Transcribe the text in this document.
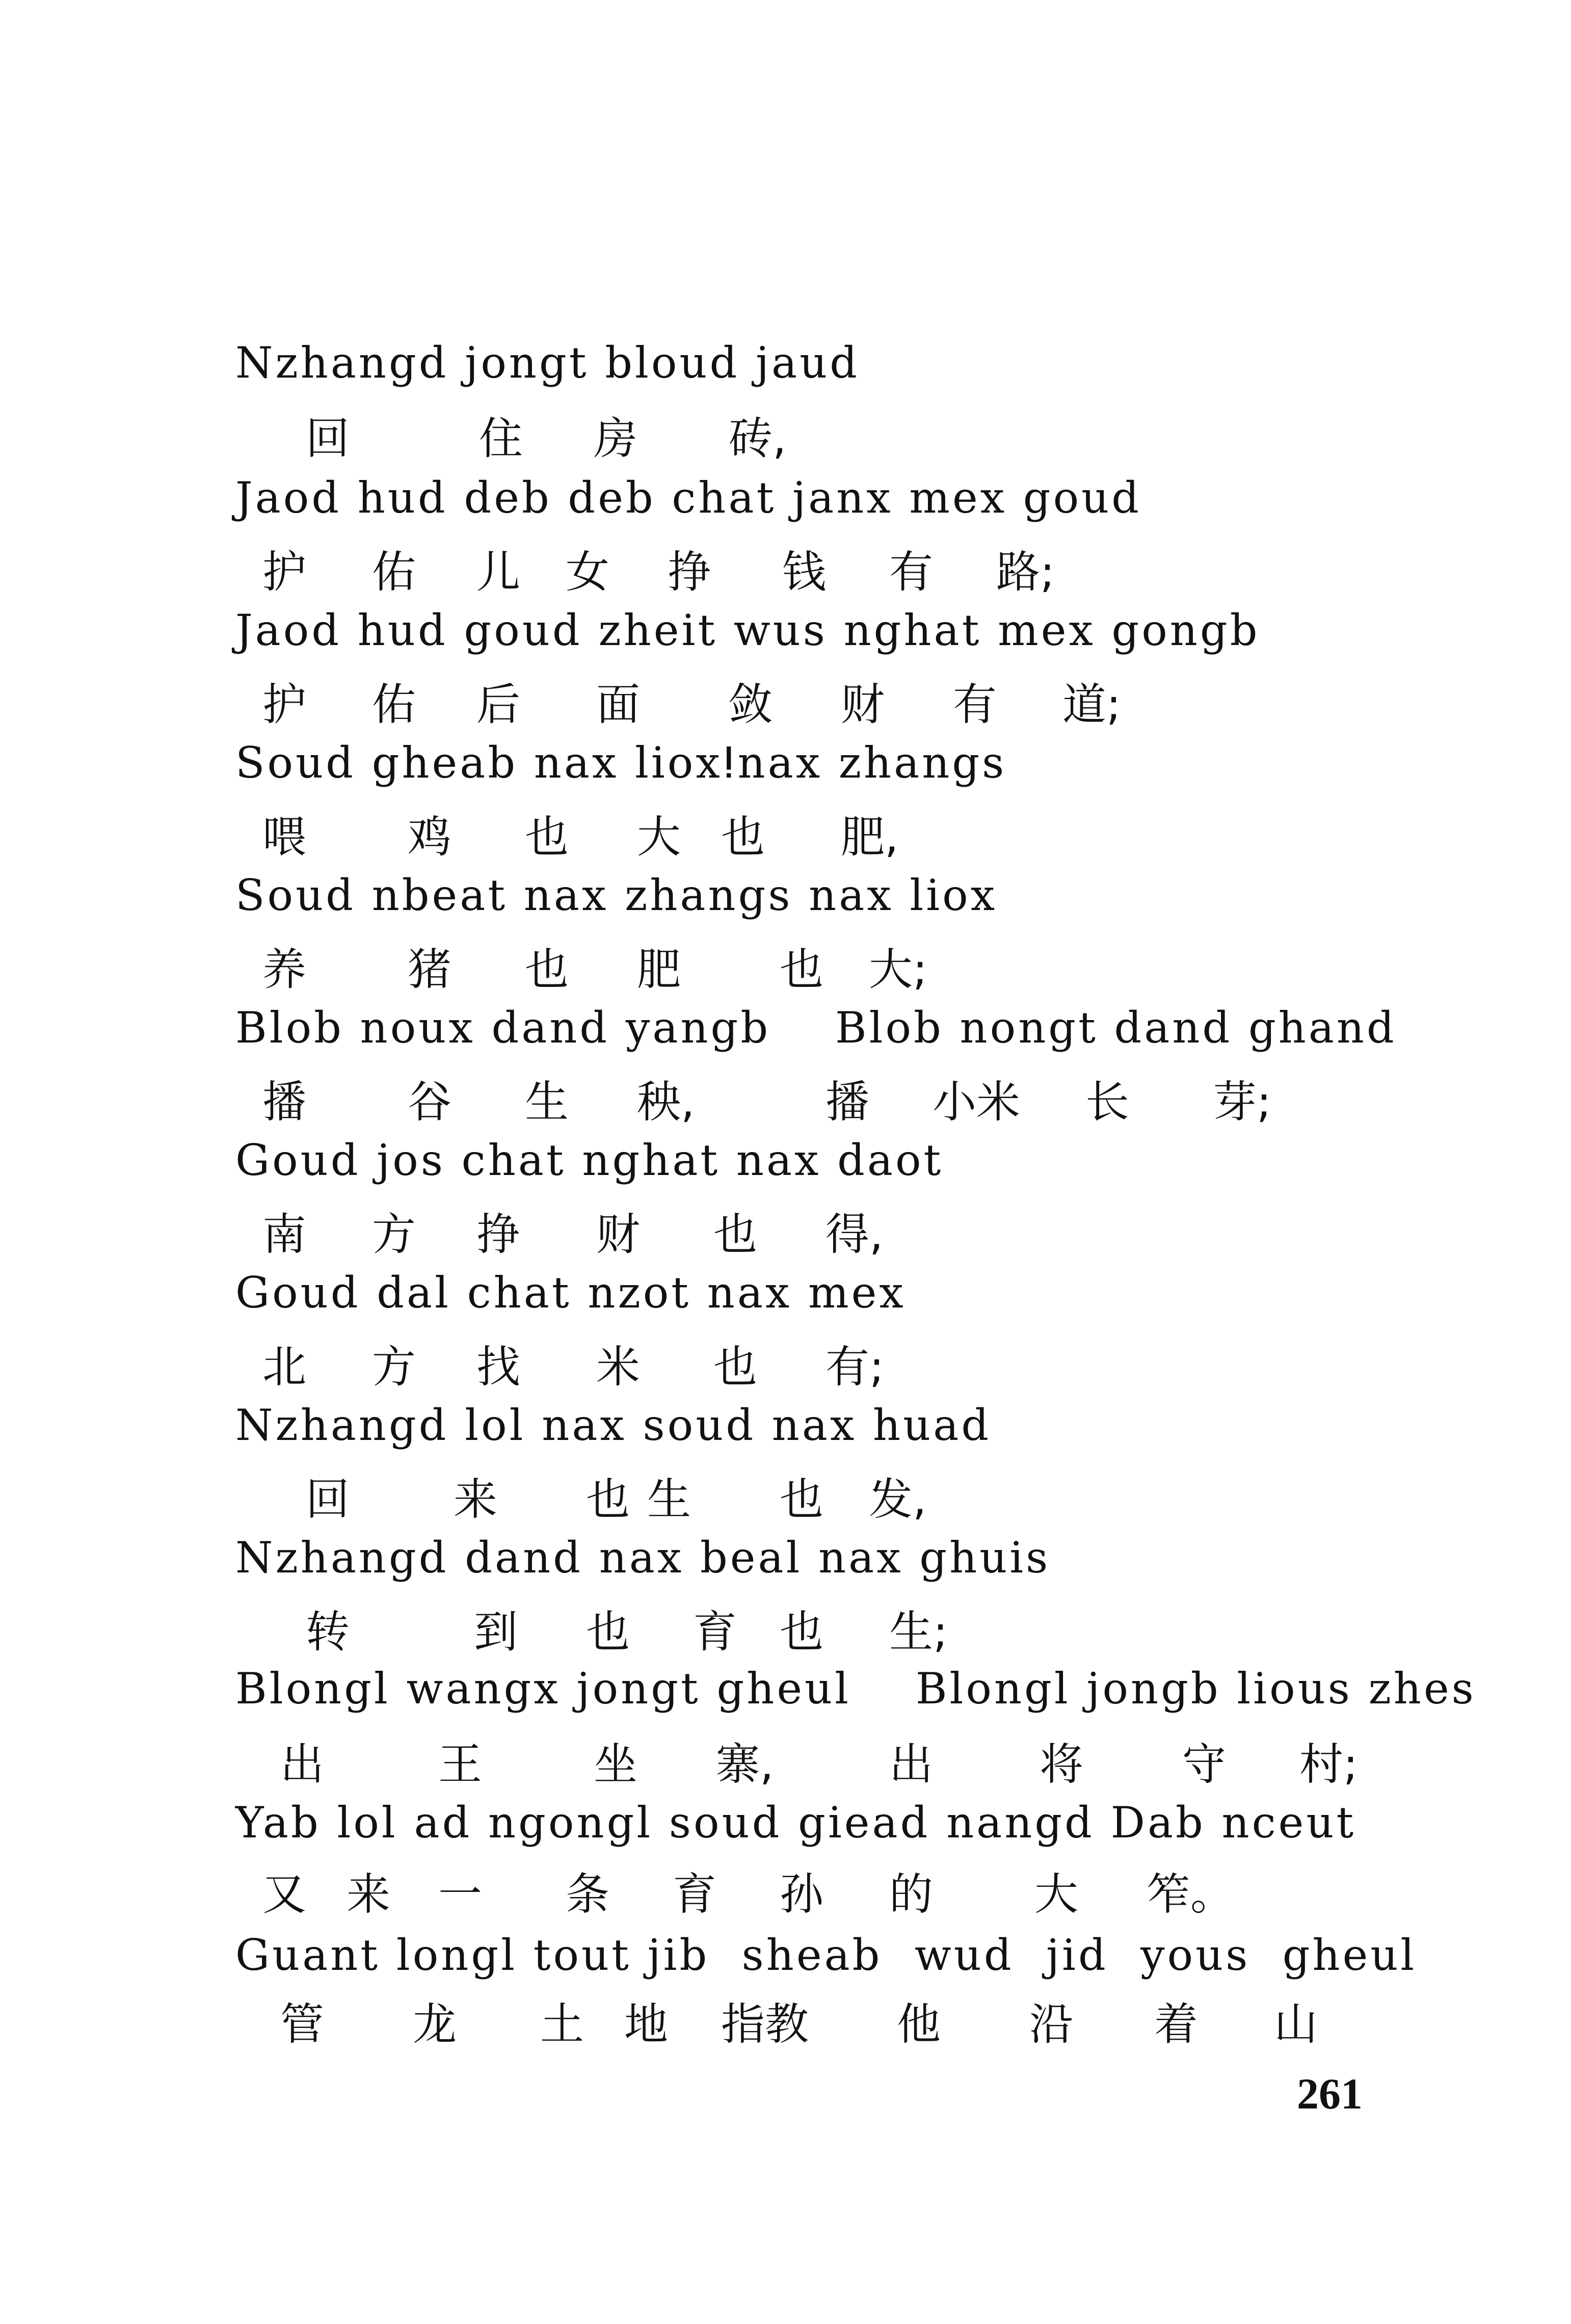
Nzhangd jongt bloud jaud
回	住 房 砖,
Jaod hud deb deb chat janx mex goud
护 佑 儿 女 挣 钱 有 路;
Jaod hud goud zheit wus nghat mex gongb
护 佑 后 面 敛 财 有 道;
Soud gheab nax lioxⵑnax zhangs
喂 鸡 也 大 也 肥,
Soud nbeat nax zhangs nax liox
养 猪 也 肥 也 大;
Blob noux dand yangb    Blob nongt dand ghand
播 谷 生 秧,	播 小米 长 芽;
Goud jos chat nghat nax daot
南 方 挣 财 也 得,
Goud dal chat nzot nax mex
北 方 找 米 也 有;
Nzhangd lol nax soud nax huad
回 来 也 生 也 发,
Nzhangd dand nax beal nax ghuis
转	到 也 育 也 生;
Blongl wangx jongt gheul    Blongl jongb lious zhes
出	王	坐 寨,	出 将 守 村;
Yab lol ad ngongl soud giead nangd Dab nceut
又 来 一 条 育 孙 的 大 笮。
Guant longl tout jib  sheab  wud  jid  yous  gheul
管 龙 土 地 指教 他 沿 着 山
261
